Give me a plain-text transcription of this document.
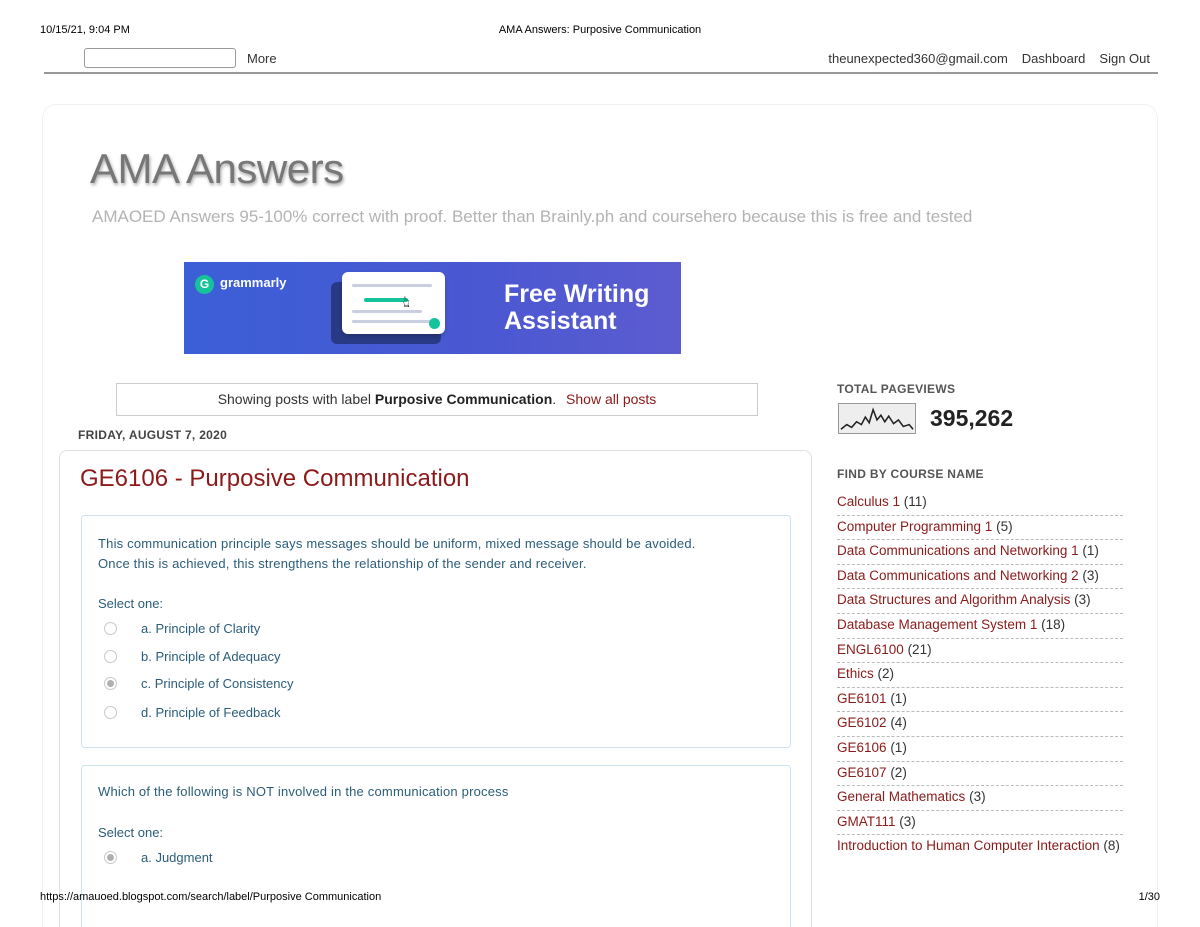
10/15/21, 9:04 PM	AMA Answers: Purposive Communication
More	theunexpected360@gmail.com Dashboard Sign Out
AMA Answers
AMAOED Answers 95-100% correct with proof. Better than Brainly.ph and coursehero because this is free and tested
G grammarly
👆︎	Free Writing
Assistant
Showing posts with label Purposive Communication. Show all posts
FRIDAY, AUGUST 7, 2020
GE6106 - Purposive Communication
This communication principle says messages should be uniform, mixed message should be avoided.
Once this is achieved, this strengthens the relationship of the sender and receiver.
Select one:
a. Principle of Clarity
b. Principle of Adequacy
c. Principle of Consistency
d. Principle of Feedback
Which of the following is NOT involved in the communication process
Select one:
a. Judgment
TOTAL PAGEVIEWS
395,262
FIND BY COURSE NAME
Calculus 1 (11)
Computer Programming 1 (5)
Data Communications and Networking 1 (1)
Data Communications and Networking 2 (3)
Data Structures and Algorithm Analysis (3)
Database Management System 1 (18)
ENGL6100 (21)
Ethics (2)
GE6101 (1)
GE6102 (4)
GE6106 (1)
GE6107 (2)
General Mathematics (3)
GMAT111 (3)
Introduction to Human Computer Interaction (8)
https://amauoed.blogspot.com/search/label/Purposive Communication	1/30
